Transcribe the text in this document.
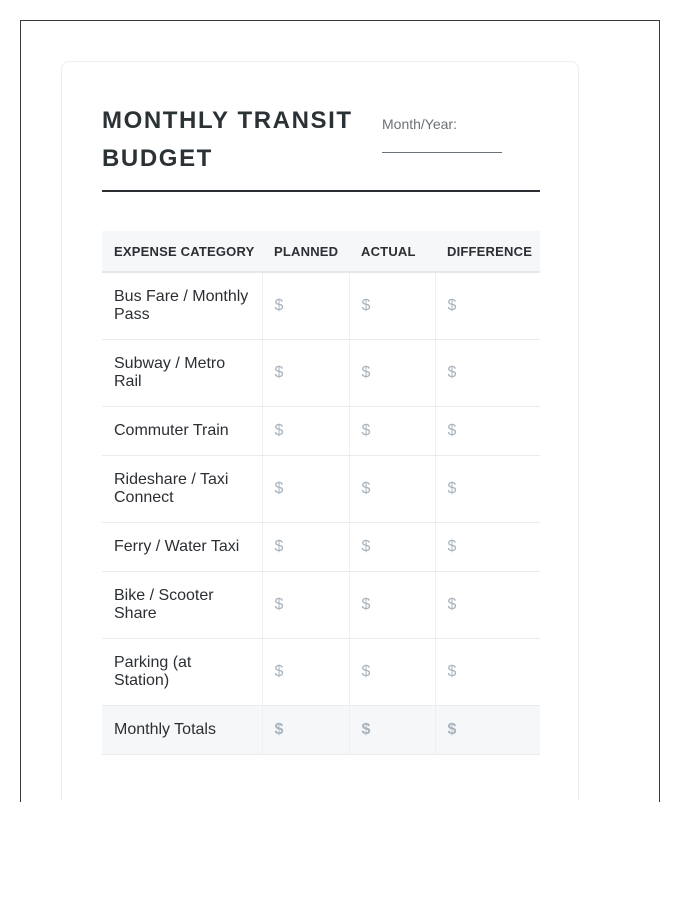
MONTHLY TRANSIT BUDGET
Month/Year:
EXPENSE CATEGORY	PLANNED	ACTUAL	DIFFERENCE
Bus Fare / Monthly Pass	$	$	$
Subway / Metro Rail	$	$	$
Commuter Train	$	$	$
Rideshare / Taxi Connect	$	$	$
Ferry / Water Taxi	$	$	$
Bike / Scooter Share	$	$	$
Parking (at Station)	$	$	$
Monthly Totals	$	$	$
